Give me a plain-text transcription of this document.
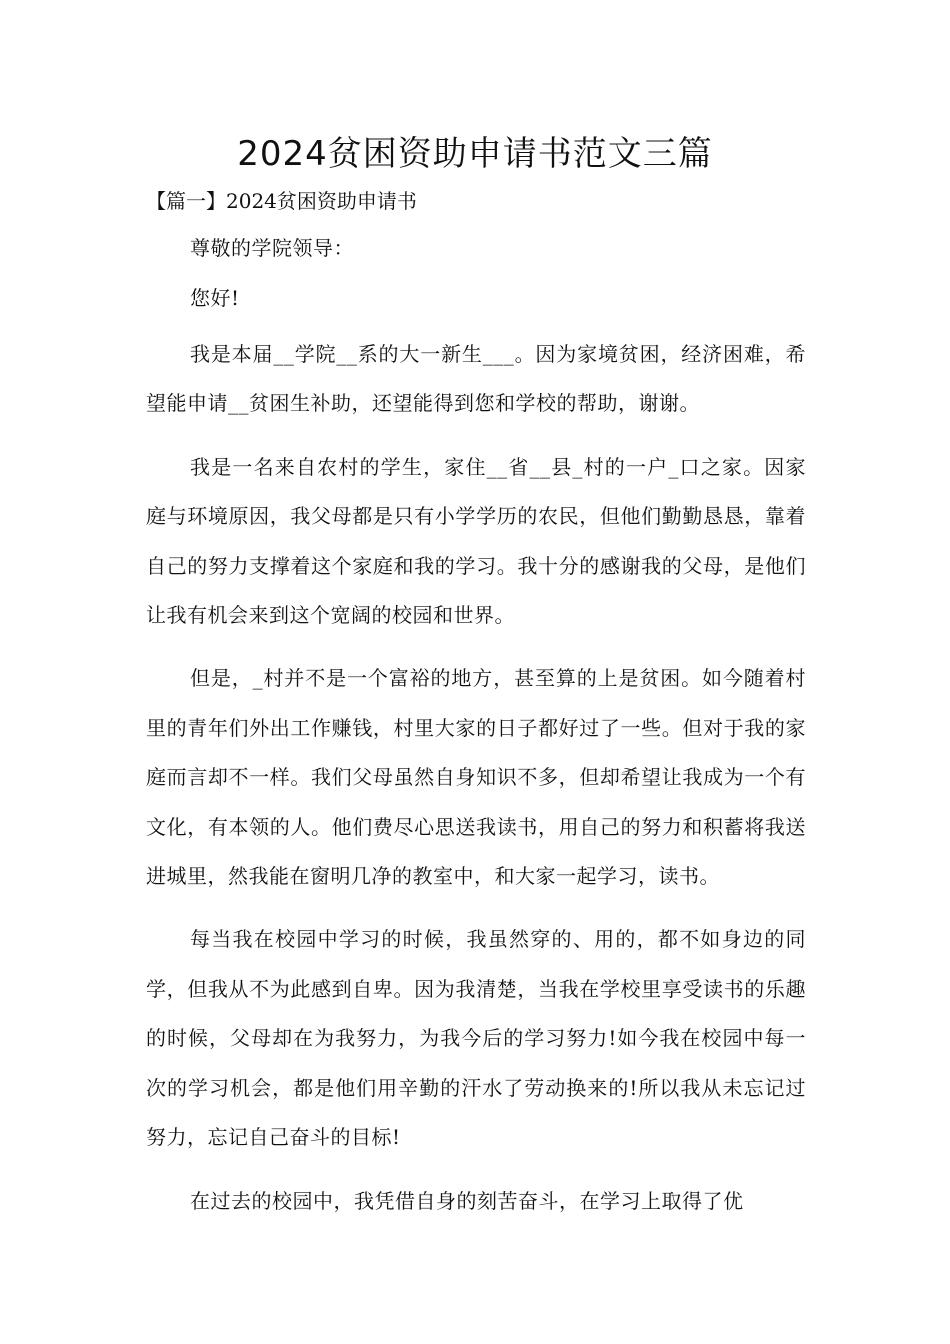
2024贫困资助申请书范文三篇

【篇一】2024贫困资助申请书

尊敬的学院领导：

您好!

我是本届__学院__系的大一新生___。因为家境贫困，经济困难，希望能申请__贫困生补助，还望能得到您和学校的帮助，谢谢。

我是一名来自农村的学生，家住__省__县_村的一户_口之家。因家庭与环境原因，我父母都是只有小学学历的农民，但他们勤勤恳恳，靠着自己的努力支撑着这个家庭和我的学习。我十分的感谢我的父母，是他们让我有机会来到这个宽阔的校园和世界。

但是，_村并不是一个富裕的地方，甚至算的上是贫困。如今随着村里的青年们外出工作赚钱，村里大家的日子都好过了一些。但对于我的家庭而言却不一样。我们父母虽然自身知识不多，但却希望让我成为一个有文化，有本领的人。他们费尽心思送我读书，用自己的努力和积蓄将我送进城里，然我能在窗明几净的教室中，和大家一起学习，读书。

每当我在校园中学习的时候，我虽然穿的、用的，都不如身边的同学，但我从不为此感到自卑。因为我清楚，当我在学校里享受读书的乐趣的时候，父母却在为我努力，为我今后的学习努力!如今我在校园中每一次的学习机会，都是他们用辛勤的汗水了劳动换来的!所以我从未忘记过努力，忘记自己奋斗的目标!

在过去的校园中，我凭借自身的刻苦奋斗，在学习上取得了优
